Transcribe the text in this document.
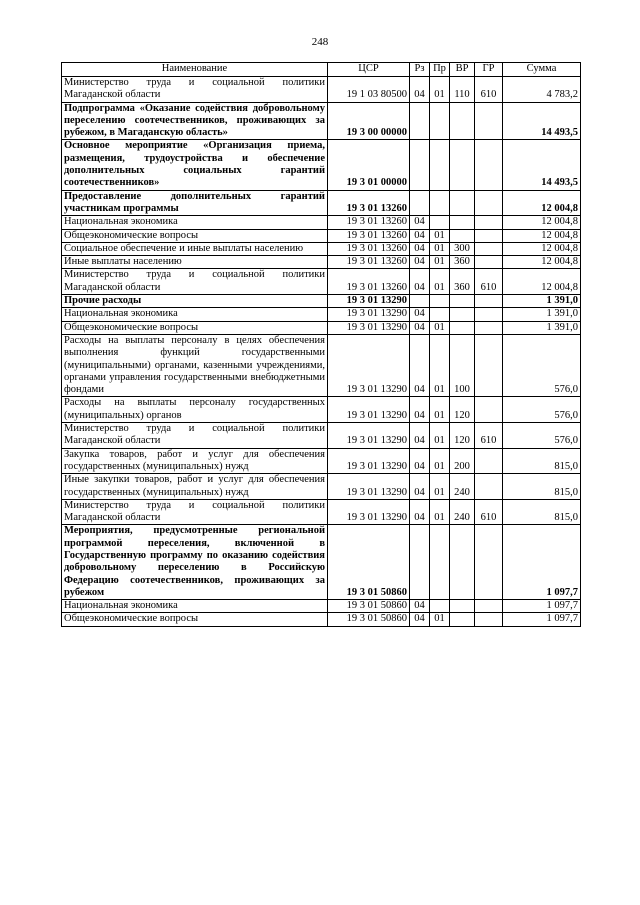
248
Наименование	ЦСР	Рз	Пр	ВР	ГР	Сумма
Министерство труда и социальной политики Магаданской области	19 1 03 80500	04	01	110	610	4 783,2
Подпрограмма «Оказание содействия добровольному переселению соотечественников, проживающих за рубежом, в Магаданскую область»	19 3 00 00000					14 493,5
Основное мероприятие «Организация приема, размещения, трудоустройства и обеспечение дополнительных социальных гарантий соотечественников»	19 3 01 00000					14 493,5
Предоставление дополнительных гарантий участникам программы	19 3 01 13260					12 004,8
Национальная экономика	19 3 01 13260	04				12 004,8
Общеэкономические вопросы	19 3 01 13260	04	01			12 004,8
Социальное обеспечение и иные выплаты населению	19 3 01 13260	04	01	300		12 004,8
Иные выплаты населению	19 3 01 13260	04	01	360		12 004,8
Министерство труда и социальной политики Магаданской области	19 3 01 13260	04	01	360	610	12 004,8
Прочие расходы	19 3 01 13290					1 391,0
Национальная экономика	19 3 01 13290	04				1 391,0
Общеэкономические вопросы	19 3 01 13290	04	01			1 391,0
Расходы на выплаты персоналу в целях обеспечения выполнения функций государственными (муниципальными) органами, казенными учреждениями, органами управления государственными внебюджетными фондами	19 3 01 13290	04	01	100		576,0
Расходы на выплаты персоналу государственных (муниципальных) органов	19 3 01 13290	04	01	120		576,0
Министерство труда и социальной политики Магаданской области	19 3 01 13290	04	01	120	610	576,0
Закупка товаров, работ и услуг для обеспечения государственных (муниципальных) нужд	19 3 01 13290	04	01	200		815,0
Иные закупки товаров, работ и услуг для обеспечения государственных (муниципальных) нужд	19 3 01 13290	04	01	240		815,0
Министерство труда и социальной политики Магаданской области	19 3 01 13290	04	01	240	610	815,0
Мероприятия, предусмотренные региональной программой переселения, включенной в Государственную программу по оказанию содействия добровольному переселению в Российскую Федерацию соотечественников, проживающих за рубежом	19 3 01 50860					1 097,7
Национальная экономика	19 3 01 50860	04				1 097,7
Общеэкономические вопросы	19 3 01 50860	04	01			1 097,7
